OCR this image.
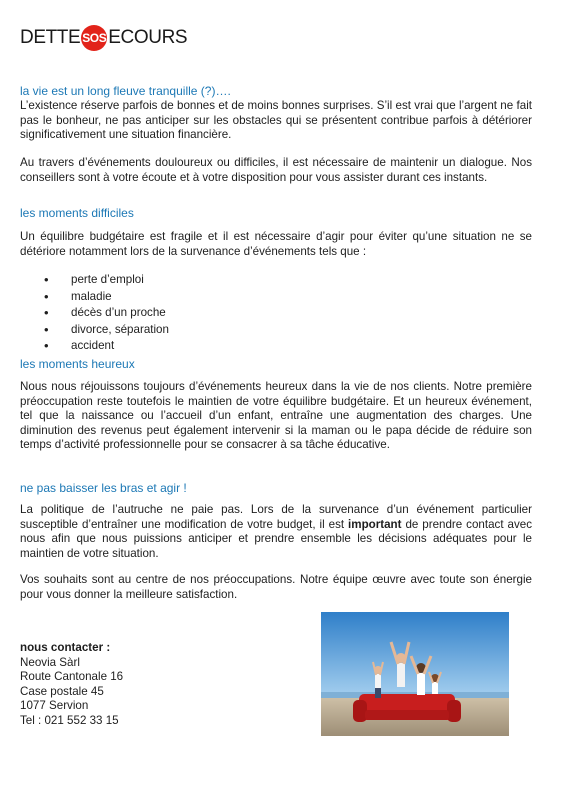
DETTE SOS ECOURS
la vie est un long fleuve tranquille (?)….
L’existence réserve parfois de bonnes et de moins bonnes surprises. S’il est vrai que l’argent ne fait pas le bonheur, ne pas anticiper sur les obstacles qui se présentent contribue parfois à détériorer significativement une situation financière.
Au travers d’événements douloureux ou difficiles, il est nécessaire de maintenir un dialogue. Nos conseillers sont à votre écoute et à votre disposition pour vous assister durant ces instants.
les moments difficiles
Un équilibre budgétaire est fragile et il est nécessaire d’agir pour éviter qu’une situation ne se détériore notamment lors de la survenance d’événements tels que :
• perte d’emploi
• maladie
• décès d’un proche
• divorce, séparation
• accident
les moments heureux
Nous nous réjouissons toujours d’événements heureux dans la vie de nos clients. Notre première préoccupation reste toutefois le maintien de votre équilibre budgétaire. Et un heureux événement, tel que la naissance ou l’accueil d’un enfant, entraîne une augmentation des charges. Une diminution des revenus peut également intervenir si la maman ou le papa décide de réduire son temps d’activité professionnelle pour se consacrer à sa tâche éducative.
ne pas baisser les bras et agir !
La politique de l’autruche ne paie pas. Lors de la survenance d’un événement particulier susceptible d’entraîner une modification de votre budget, il est important de prendre contact avec nous afin que nous puissions anticiper et prendre ensemble les décisions adéquates pour le maintien de votre situation.
Vos souhaits sont au centre de nos préoccupations. Notre équipe œuvre avec toute son énergie pour vous donner la meilleure satisfaction.
nous contacter :
Neovia Sàrl
Route Cantonale 16
Case postale 45
1077 Servion
Tel : 021 552 33 15
